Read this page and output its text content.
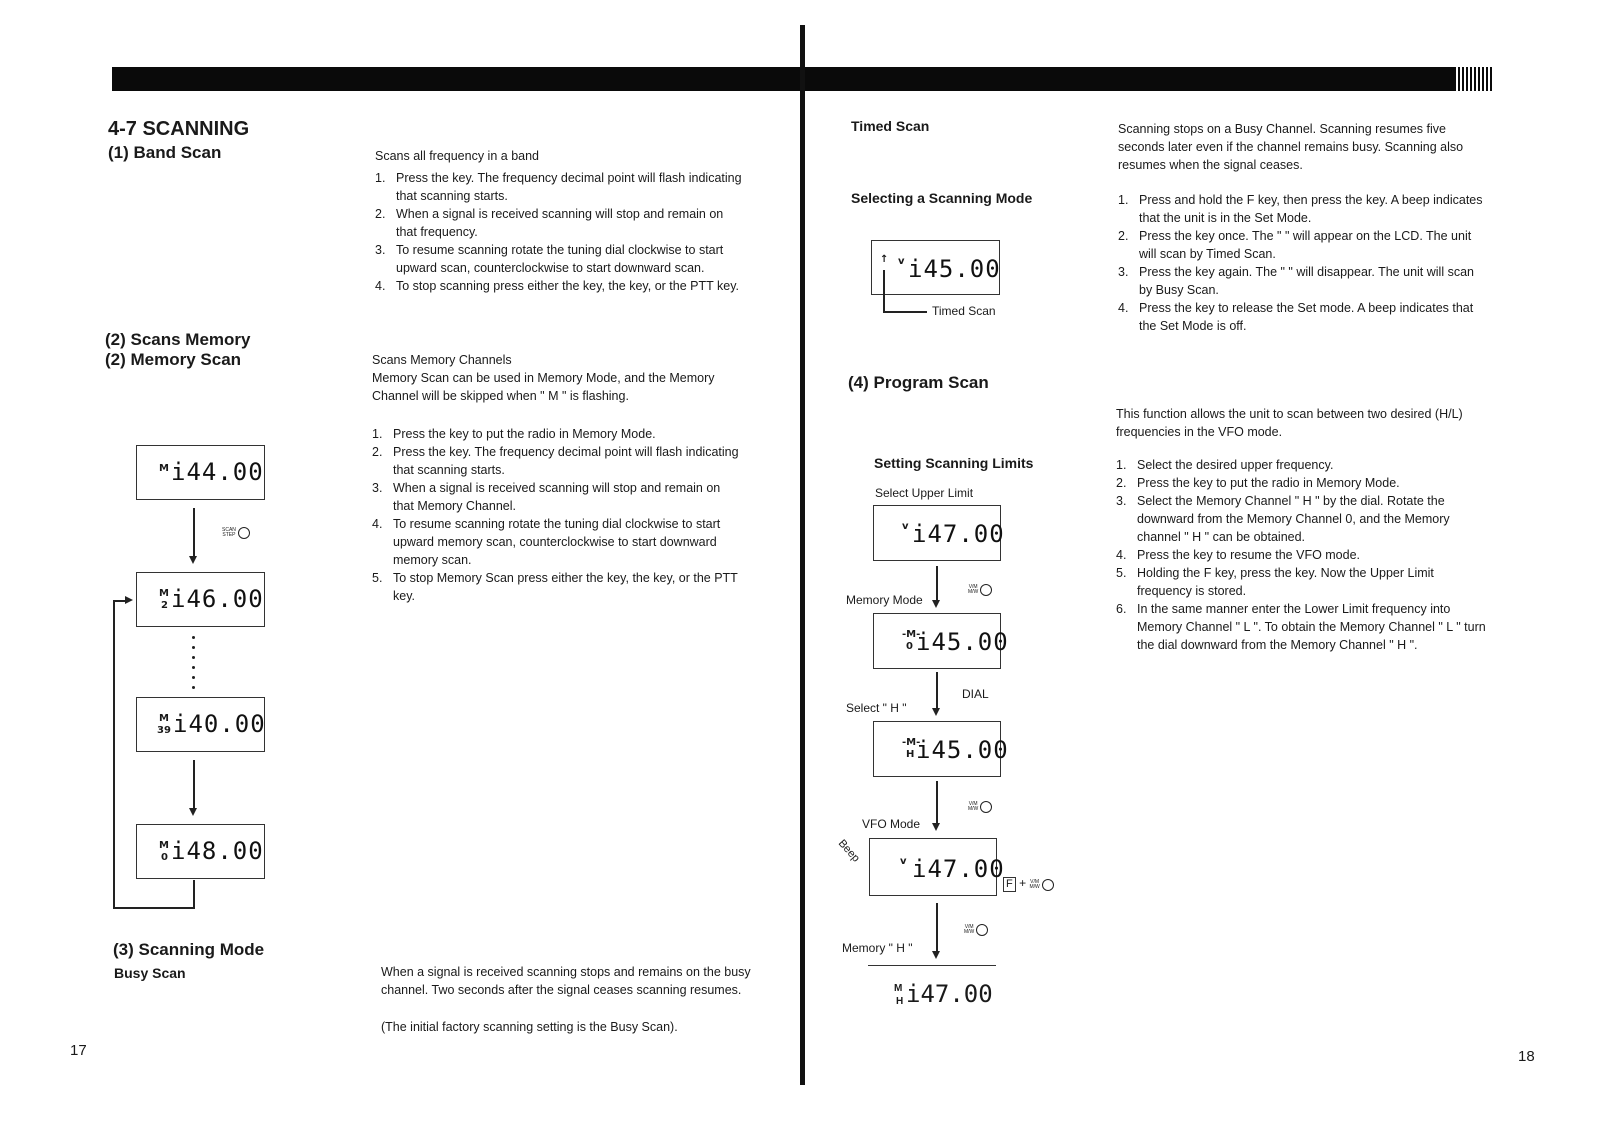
4-7 SCANNING
(1) Band Scan	Scans all frequency in a band
1. Press the key. The frequency decimal point will flash indicating that scanning starts.
2. When a signal is received scanning will stop and remain on that frequency.
3. To resume scanning rotate the tuning dial clockwise to start upward scan, counterclockwise to start downward scan.
4. To stop scanning press either the key, the key, or the PTT key.
(2) Scans Memory
(2) Memory Scan	Scans Memory Channels
Memory Scan can be used in Memory Mode, and the Memory Channel will be skipped when " M " is flashing.
1. Press the key to put the radio in Memory Mode.
2. Press the key. The frequency decimal point will flash indicating that scanning starts.
3. When a signal is received scanning will stop and remain on that Memory Channel.
4. To resume scanning rotate the tuning dial clockwise to start upward memory scan, counterclockwise to start downward memory scan.
5. To stop Memory Scan press either the key, the key, or the PTT key.
M i44.00
SCAN
STEP
M
2 i46.00
M
39 i40.00
M
0 i48.00
(3) Scanning Mode
Busy Scan	When a signal is received scanning stops and remains on the busy channel. Two seconds after the signal ceases scanning resumes.
(The initial factory scanning setting is the Busy Scan).
17
Timed Scan	Scanning stops on a Busy Channel. Scanning resumes five seconds later even if the channel remains busy. Scanning also resumes when the signal ceases.
Selecting a Scanning Mode
↑ v i45.00
Timed Scan
1. Press and hold the F key, then press the key. A beep indicates that the unit is in the Set Mode.
2. Press the key once. The " " will appear on the LCD. The unit will scan by Timed Scan.
3. Press the key again. The " " will disappear. The unit will scan by Busy Scan.
4. Press the key to release the Set mode. A beep indicates that the Set Mode is off.
(4) Program Scan
This function allows the unit to scan between two desired (H/L) frequencies in the VFO mode.
Setting Scanning Limits
Select Upper Limit
v i47.00
Memory Mode
V/M
M/W
-M-
0 i45.00
DIAL
Select " H "
-M-
H i45.00
V/M
M/W
VFO Mode
Beep	v i47.00
F + V/M
M/W
V/M
M/W
Memory " H "
M
H i47.00
1. Select the desired upper frequency.
2. Press the key to put the radio in Memory Mode.
3. Select the Memory Channel " H " by the dial. Rotate the downward from the Memory Channel 0, and the Memory channel " H " can be obtained.
4. Press the key to resume the VFO mode.
5. Holding the F key, press the key. Now the Upper Limit frequency is stored.
6. In the same manner enter the Lower Limit frequency into Memory Channel " L ". To obtain the Memory Channel " L " turn the dial downward from the Memory Channel " H ".
18
